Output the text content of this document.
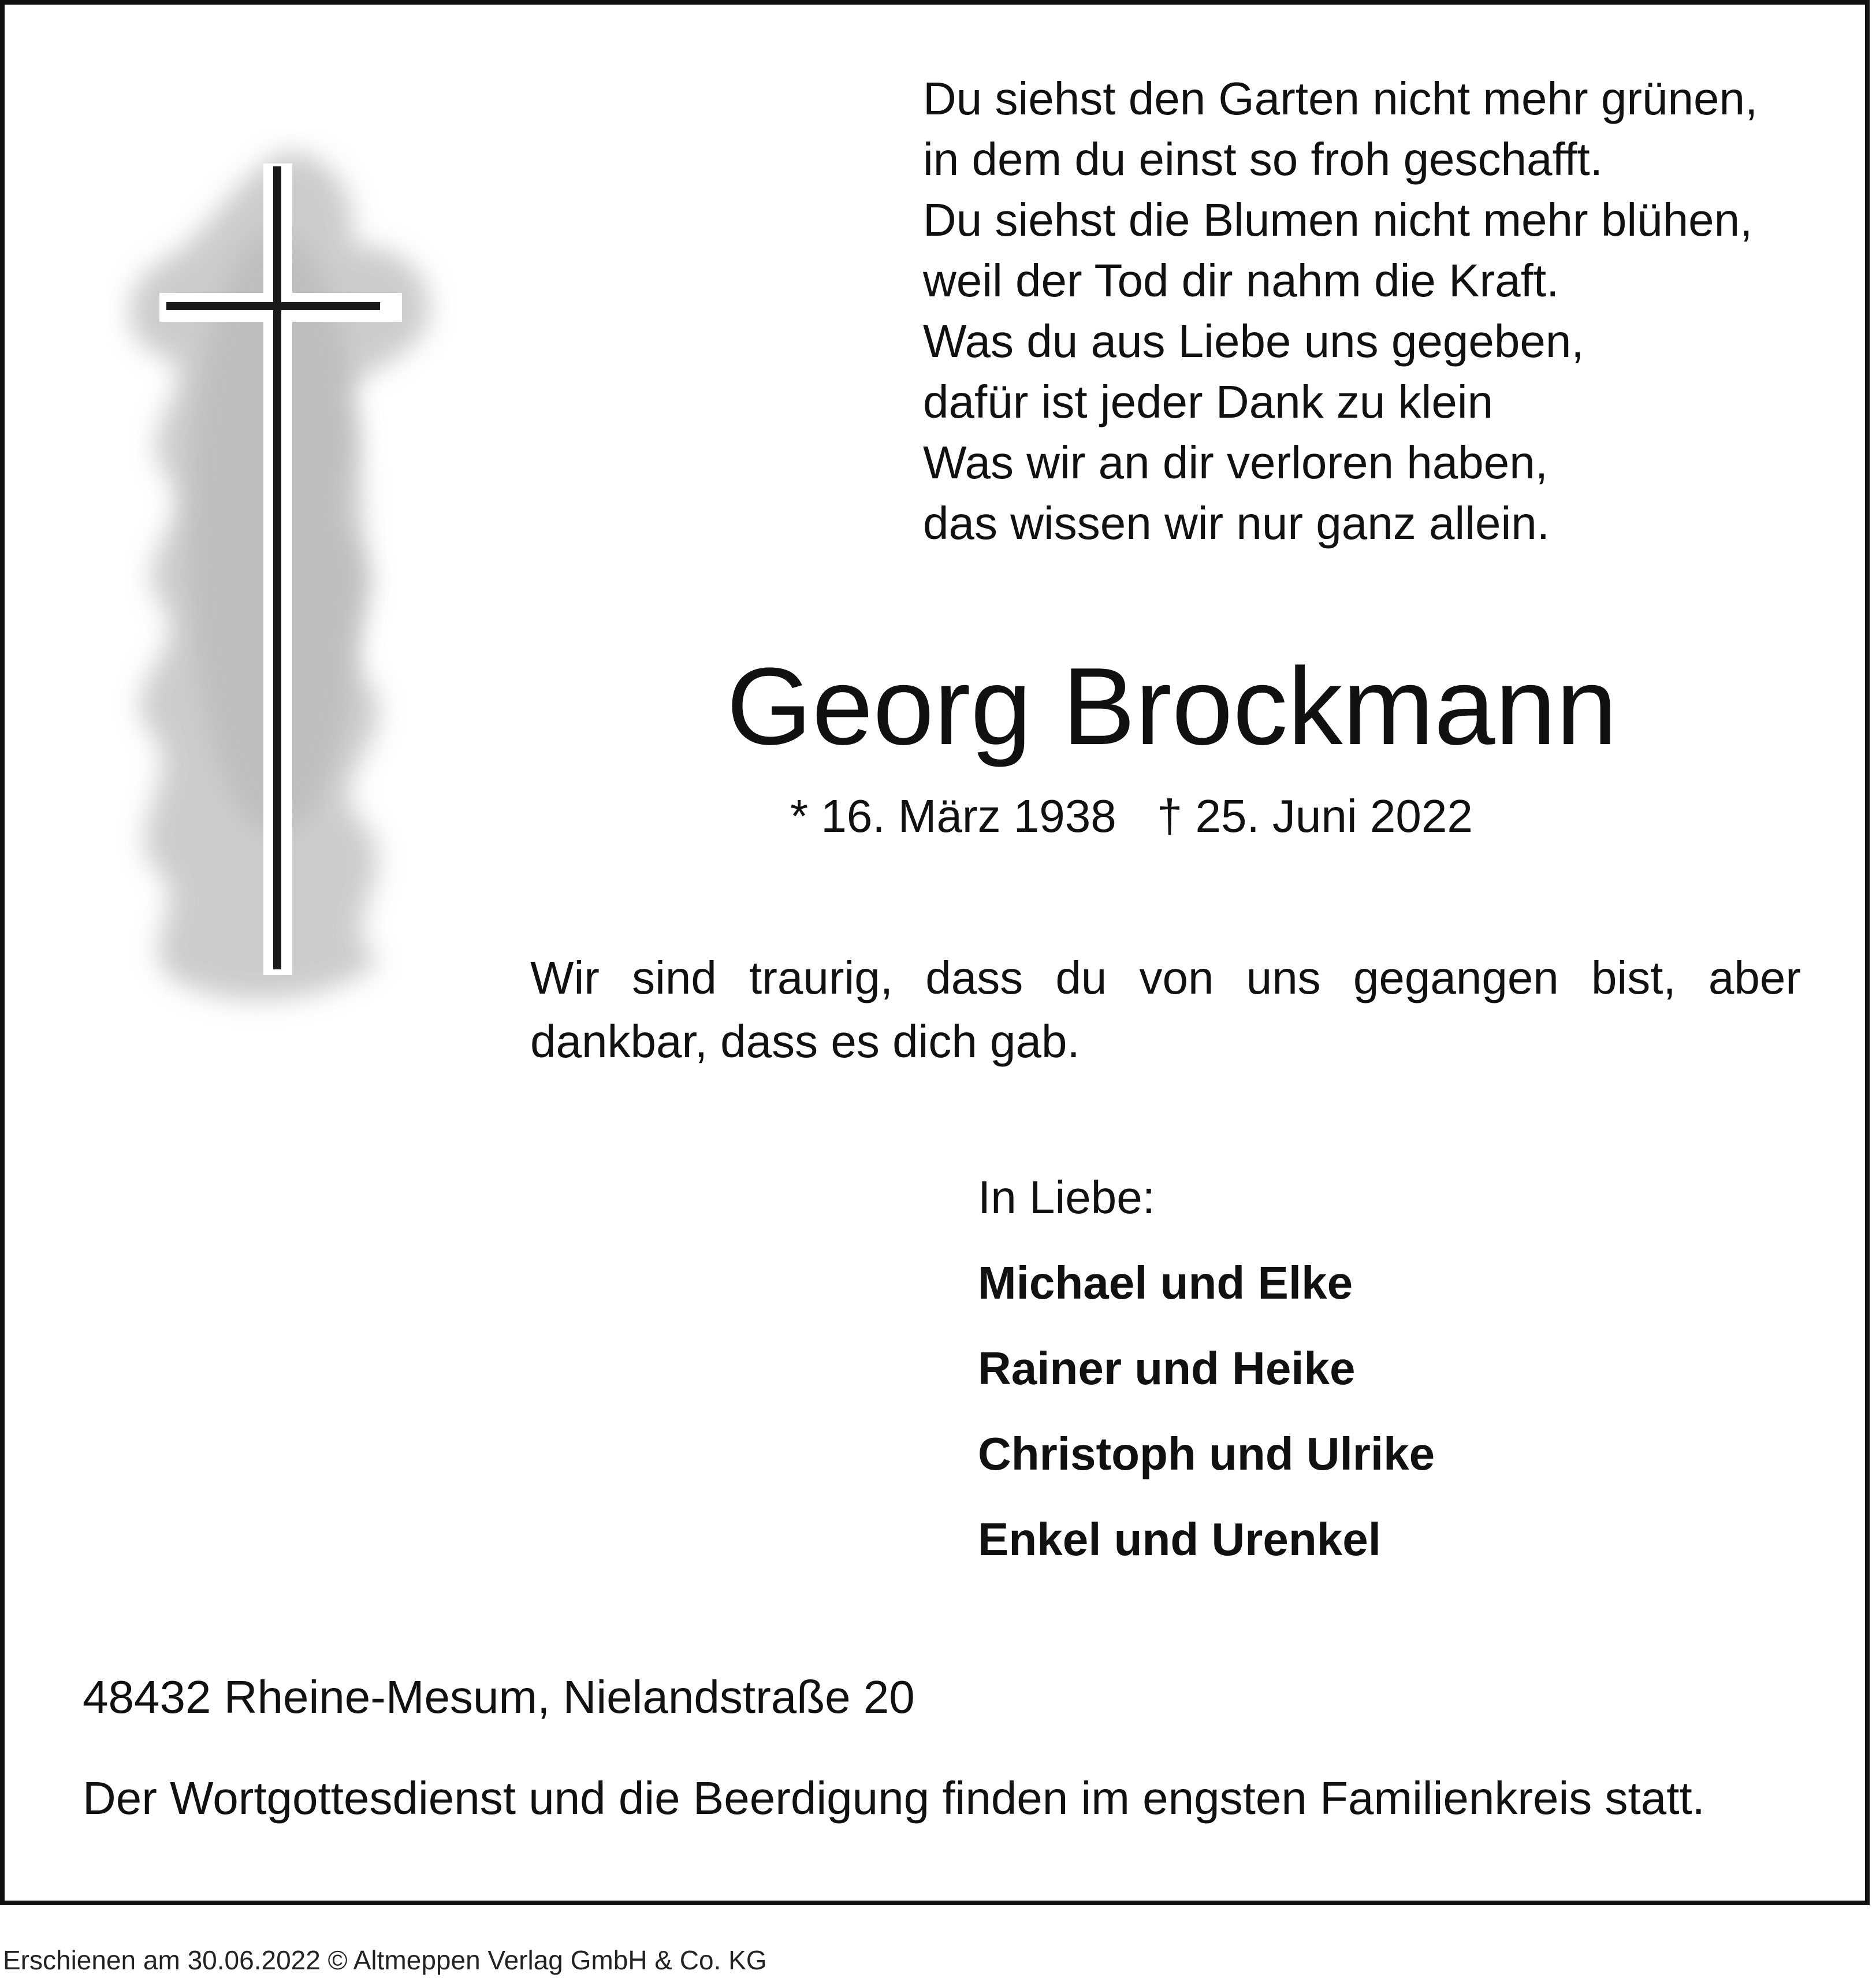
Du siehst den Garten nicht mehr grünen,
in dem du einst so froh geschafft.
Du siehst die Blumen nicht mehr blühen,
weil der Tod dir nahm die Kraft.
Was du aus Liebe uns gegeben,
dafür ist jeder Dank zu klein
Was wir an dir verloren haben,
das wissen wir nur ganz allein.
Georg Brockmann
* 16. März 1938 † 25. Juni 2022
Wir sind traurig, dass du von uns gegangen bist, aber dankbar, dass es dich gab.
In Liebe:
Michael und Elke
Rainer und Heike
Christoph und Ulrike
Enkel und Urenkel
48432 Rheine-Mesum, Nielandstraße 20
Der Wortgottesdienst und die Beerdigung finden im engsten Familienkreis statt.
Erschienen am 30.06.2022 © Altmeppen Verlag GmbH & Co. KG
